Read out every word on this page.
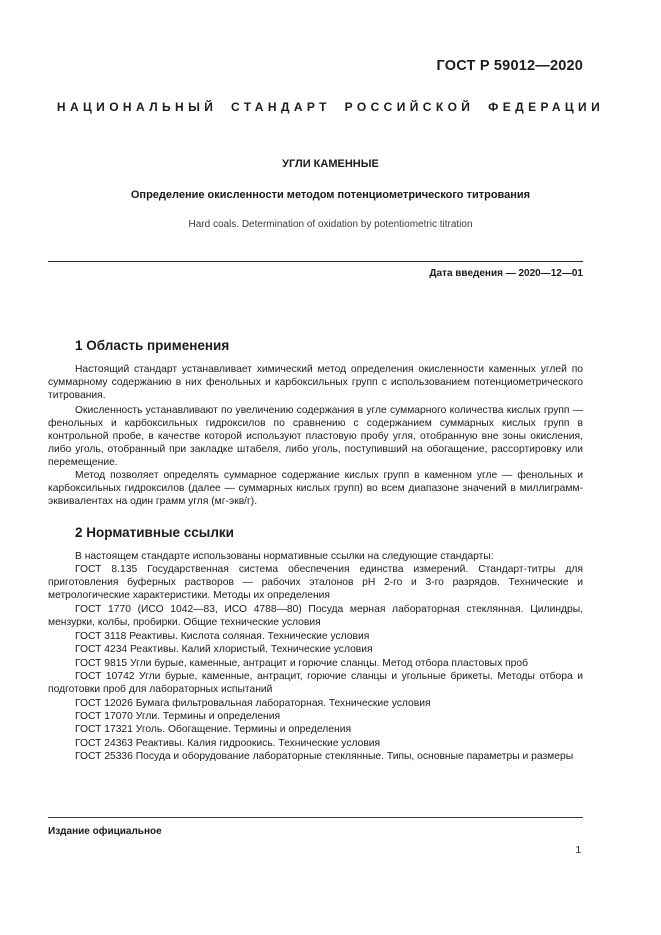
ГОСТ Р 59012—2020
НАЦИОНАЛЬНЫЙ СТАНДАРТ РОССИЙСКОЙ ФЕДЕРАЦИИ
УГЛИ КАМЕННЫЕ
Определение окисленности методом потенциометрического титрования
Hard coals. Determination of oxidation by potentiometric titration
Дата введения — 2020—12—01
1 Область применения
Настоящий стандарт устанавливает химический метод определения окисленности каменных углей по суммарному содержанию в них фенольных и карбоксильных групп с использованием потенциометрического титрования.
Окисленность устанавливают по увеличению содержания в угле суммарного количества кислых групп — фенольных и карбоксильных гидроксилов по сравнению с содержанием суммарных кислых групп в контрольной пробе, в качестве которой используют пластовую пробу угля, отобранную вне зоны окисления, либо уголь, отобранный при закладке штабеля, либо уголь, поступивший на обогащение, рассортировку или перемещение.
Метод позволяет определять суммарное содержание кислых групп в каменном угле — фенольных и карбоксильных гидроксилов (далее — суммарных кислых групп) во всем диапазоне значений в миллиграмм-эквивалентах на один грамм угля (мг-экв/г).
2 Нормативные ссылки
В настоящем стандарте использованы нормативные ссылки на следующие стандарты:
ГОСТ 8.135 Государственная система обеспечения единства измерений. Стандарт-титры для приготовления буферных растворов — рабочих эталонов рН 2-го и 3-го разрядов. Технические и метрологические характеристики. Методы их определения
ГОСТ 1770 (ИСО 1042—83, ИСО 4788—80) Посуда мерная лабораторная стеклянная. Цилиндры, мензурки, колбы, пробирки. Общие технические условия
ГОСТ 3118 Реактивы. Кислота соляная. Технические условия
ГОСТ 4234 Реактивы. Калий хлористый. Технические условия
ГОСТ 9815 Угли бурые, каменные, антрацит и горючие сланцы. Метод отбора пластовых проб
ГОСТ 10742 Угли бурые, каменные, антрацит, горючие сланцы и угольные брикеты. Методы отбора и подготовки проб для лабораторных испытаний
ГОСТ 12026 Бумага фильтровальная лабораторная. Технические условия
ГОСТ 17070 Угли. Термины и определения
ГОСТ 17321 Уголь. Обогащение. Термины и определения
ГОСТ 24363 Реактивы. Калия гидроокись. Технические условия
ГОСТ 25336 Посуда и оборудование лабораторные стеклянные. Типы, основные параметры и размеры
Издание официальное
1
